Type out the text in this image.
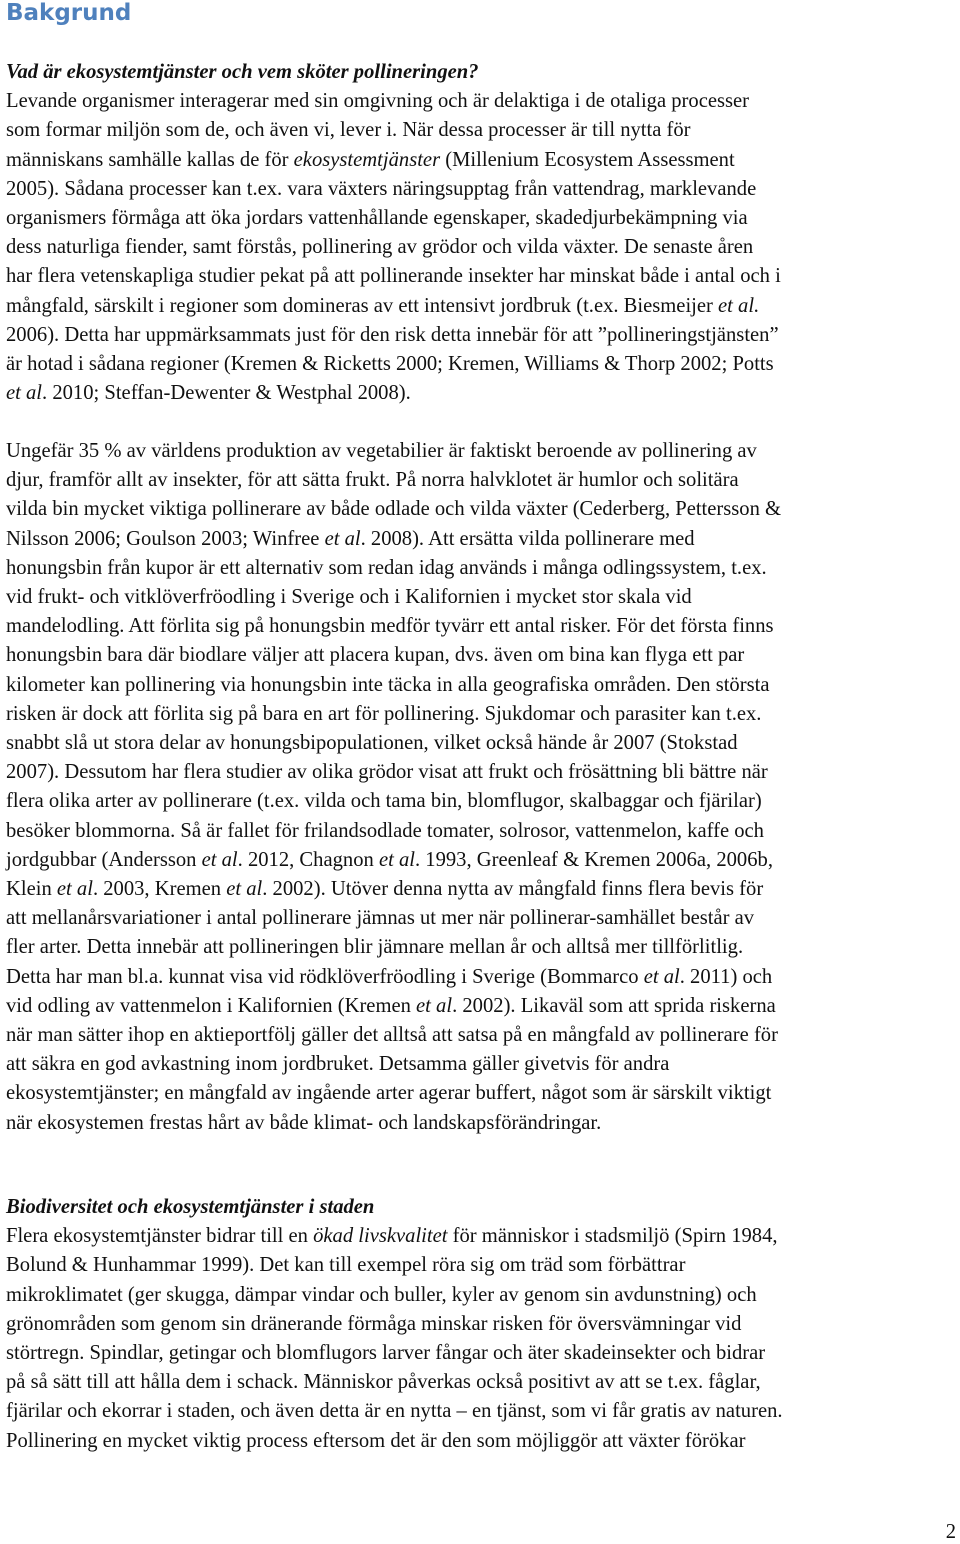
Bakgrund
Vad är ekosystemtjänster och vem sköter pollineringen?
Levande organismer interagerar med sin omgivning och är delaktiga i de otaliga processer
som formar miljön som de, och även vi, lever i. När dessa processer är till nytta för
människans samhälle kallas de för ekosystemtjänster (Millenium Ecosystem Assessment
2005). Sådana processer kan t.ex. vara växters näringsupptag från vattendrag, marklevande
organismers förmåga att öka jordars vattenhållande egenskaper, skadedjurbekämpning via
dess naturliga fiender, samt förstås, pollinering av grödor och vilda växter. De senaste åren
har flera vetenskapliga studier pekat på att pollinerande insekter har minskat både i antal och i
mångfald, särskilt i regioner som domineras av ett intensivt jordbruk (t.ex. Biesmeijer et al.
2006). Detta har uppmärksammats just för den risk detta innebär för att ”pollineringstjänsten”
är hotad i sådana regioner (Kremen & Ricketts 2000; Kremen, Williams & Thorp 2002; Potts
et al. 2010; Steffan-Dewenter & Westphal 2008).
Ungefär 35 % av världens produktion av vegetabilier är faktiskt beroende av pollinering av
djur, framför allt av insekter, för att sätta frukt. På norra halvklotet är humlor och solitära
vilda bin mycket viktiga pollinerare av både odlade och vilda växter (Cederberg, Pettersson &
Nilsson 2006; Goulson 2003; Winfree et al. 2008). Att ersätta vilda pollinerare med
honungsbin från kupor är ett alternativ som redan idag används i många odlingssystem, t.ex.
vid frukt- och vitklöverfröodling i Sverige och i Kalifornien i mycket stor skala vid
mandelodling. Att förlita sig på honungsbin medför tyvärr ett antal risker. För det första finns
honungsbin bara där biodlare väljer att placera kupan, dvs. även om bina kan flyga ett par
kilometer kan pollinering via honungsbin inte täcka in alla geografiska områden. Den största
risken är dock att förlita sig på bara en art för pollinering. Sjukdomar och parasiter kan t.ex.
snabbt slå ut stora delar av honungsbipopulationen, vilket också hände år 2007 (Stokstad
2007). Dessutom har flera studier av olika grödor visat att frukt och frösättning bli bättre när
flera olika arter av pollinerare (t.ex. vilda och tama bin, blomflugor, skalbaggar och fjärilar)
besöker blommorna. Så är fallet för frilandsodlade tomater, solrosor, vattenmelon, kaffe och
jordgubbar (Andersson et al. 2012, Chagnon et al. 1993, Greenleaf & Kremen 2006a, 2006b,
Klein et al. 2003, Kremen et al. 2002). Utöver denna nytta av mångfald finns flera bevis för
att mellanårsvariationer i antal pollinerare jämnas ut mer när pollinerar-samhället består av
fler arter. Detta innebär att pollineringen blir jämnare mellan år och alltså mer tillförlitlig.
Detta har man bl.a. kunnat visa vid rödklöverfröodling i Sverige (Bommarco et al. 2011) och
vid odling av vattenmelon i Kalifornien (Kremen et al. 2002). Likaväl som att sprida riskerna
när man sätter ihop en aktieportfölj gäller det alltså att satsa på en mångfald av pollinerare för
att säkra en god avkastning inom jordbruket. Detsamma gäller givetvis för andra
ekosystemtjänster; en mångfald av ingående arter agerar buffert, något som är särskilt viktigt
när ekosystemen frestas hårt av både klimat- och landskapsförändringar.
Biodiversitet och ekosystemtjänster i staden
Flera ekosystemtjänster bidrar till en ökad livskvalitet för människor i stadsmiljö (Spirn 1984,
Bolund & Hunhammar 1999). Det kan till exempel röra sig om träd som förbättrar
mikroklimatet (ger skugga, dämpar vindar och buller, kyler av genom sin avdunstning) och
grönområden som genom sin dränerande förmåga minskar risken för översvämningar vid
störtregn. Spindlar, getingar och blomflugors larver fångar och äter skadeinsekter och bidrar
på så sätt till att hålla dem i schack. Människor påverkas också positivt av att se t.ex. fåglar,
fjärilar och ekorrar i staden, och även detta är en nytta – en tjänst, som vi får gratis av naturen.
Pollinering en mycket viktig process eftersom det är den som möjliggör att växter förökar
2
